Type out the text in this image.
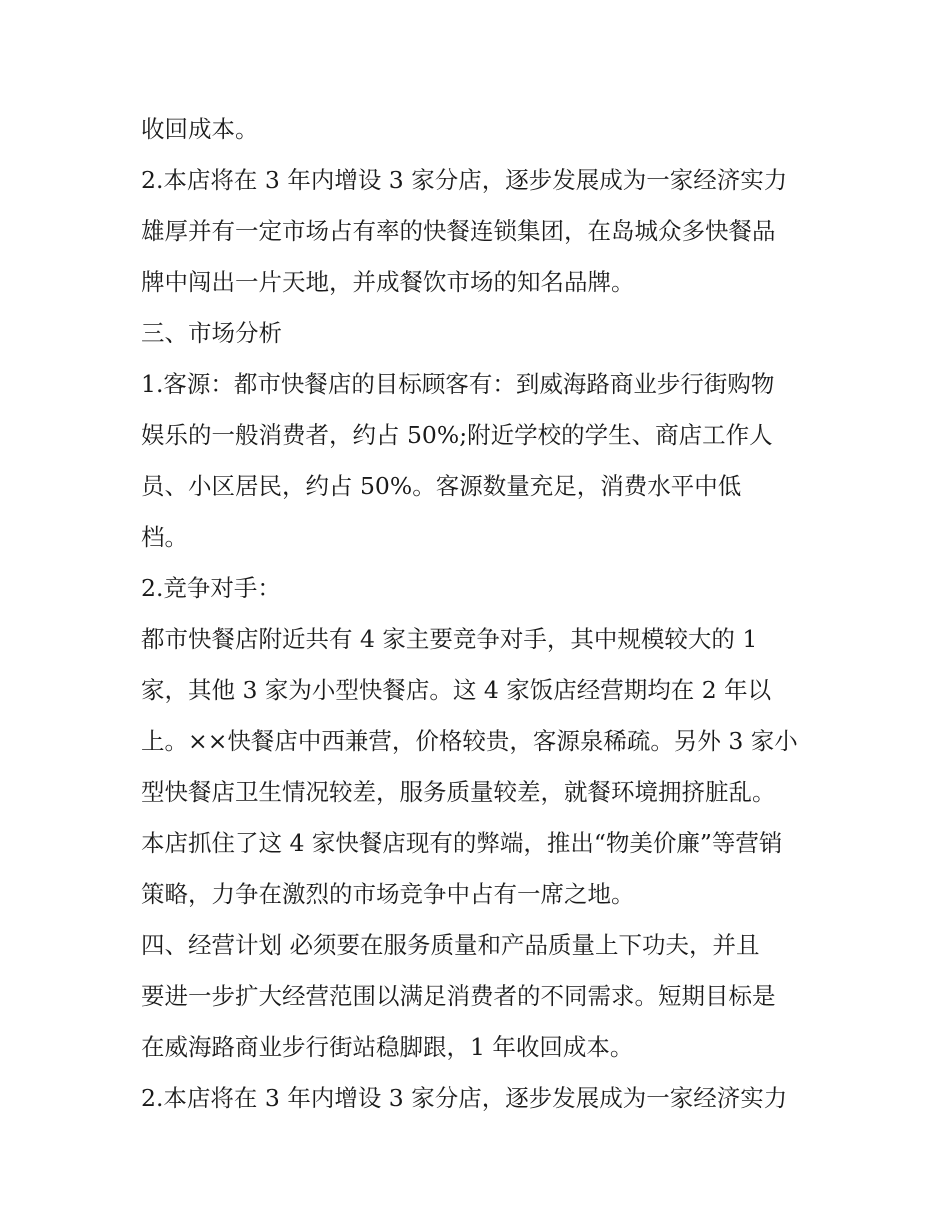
收回成本。
2.本店将在 3 年内增设 3 家分店，逐步发展成为一家经济实力
雄厚并有一定市场占有率的快餐连锁集团，在岛城众多快餐品
牌中闯出一片天地，并成餐饮市场的知名品牌。
三、市场分析
1.客源：都市快餐店的目标顾客有：到威海路商业步行街购物
娱乐的一般消费者，约占 50%;附近学校的学生、商店工作人
员、小区居民，约占 50%。客源数量充足，消费水平中低
档。
2.竞争对手：
都市快餐店附近共有 4 家主要竞争对手，其中规模较大的 1
家，其他 3 家为小型快餐店。这 4 家饭店经营期均在 2 年以
上。××快餐店中西兼营，价格较贵，客源泉稀疏。另外 3 家小
型快餐店卫生情况较差，服务质量较差，就餐环境拥挤脏乱。
本店抓住了这 4 家快餐店现有的弊端，推出“物美价廉”等营销
策略，力争在激烈的市场竞争中占有一席之地。
四、经营计划 必须要在服务质量和产品质量上下功夫，并且
要进一步扩大经营范围以满足消费者的不同需求。短期目标是
在威海路商业步行街站稳脚跟，1 年收回成本。
2.本店将在 3 年内增设 3 家分店，逐步发展成为一家经济实力
